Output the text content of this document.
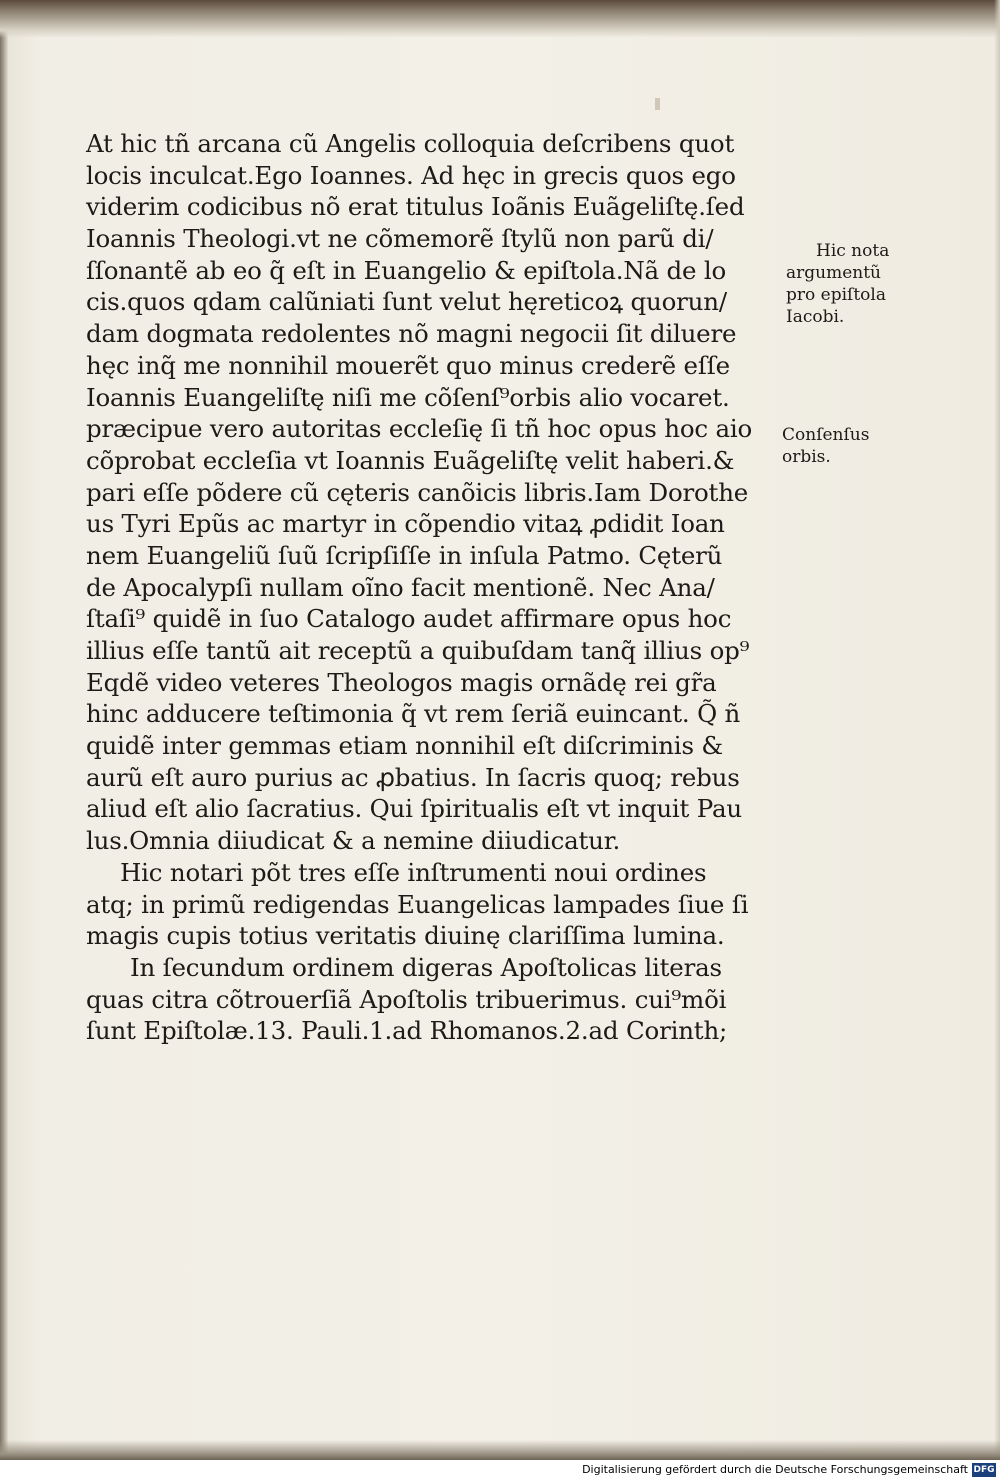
At hic tñ arcana cũ Angelis colloquia deſcribens quot
locis inculcat.Ego Ioannes. Ad hęc in grecis quos ego
viderim codicibus nõ erat titulus Ioãnis Euãgeliſtę.ſed
Ioannis Theologi.vt ne cõmemorẽ ſtylũ non parũ di/
ſſonantẽ ab eo q̃ eſt in Euangelio & epiſtola.Nã de lo
cis.quos qdam calũniati ſunt velut hęreticoꝝ quorun/
dam dogmata redolentes nõ magni negocii ſit diluere
hęc inq̃ me nonnihil mouerẽt quo minus crederẽ eſſe
Ioannis Euangeliſtę niſi me cõſenſ⁹orbis alio vocaret.
præcipue vero autoritas eccleſię ſi tñ hoc opus hoc aio
cõprobat eccleſia vt Ioannis Euãgeliſtę velit haberi.&
pari eſſe põdere cũ cęteris canõicis libris.Iam Dorothe
us Tyri Epũs ac martyr in cõpendio vitaꝝ ꝓdidit Ioan
nem Euangeliũ ſuũ ſcripſiſſe in inſula Patmo. Cęterũ
de Apocalypſi nullam oĩno facit mentionẽ. Nec Ana/
ſtaſi⁹ quidẽ in ſuo Catalogo audet affirmare opus hoc
illius eſſe tantũ ait receptũ a quibuſdam tanq̃ illius op⁹
Eqdẽ video veteres Theologos magis ornãdę rei gr̃a
hinc adducere teſtimonia q̃ vt rem ſeriã euincant. Q̃ ñ
quidẽ inter gemmas etiam nonnihil eſt diſcriminis &
aurũ eſt auro purius ac ꝓbatius. In ſacris quoq; rebus
aliud eſt alio ſacratius. Qui ſpiritualis eſt vt inquit Pau
lus.Omnia diiudicat & a nemine diiudicatur.
Hic notari põt tres eſſe inſtrumenti noui ordines
atq; in primũ redigendas Euangelicas lampades ſiue ſi
magis cupis totius veritatis diuinę clariſſima lumina.
In ſecundum ordinem digeras Apoſtolicas literas
quas citra cõtrouerſiã Apoſtolis tribuerimus. cui⁹mõi
ſunt Epiſtolæ.13. Pauli.1.ad Rhomanos.2.ad Corinth;
Hic nota
argumentũ
pro epiſtola
Iacobi.
Conſenſus
orbis.
Digitalisierung gefördert durch die Deutsche Forschungsgemeinschaft DFG
